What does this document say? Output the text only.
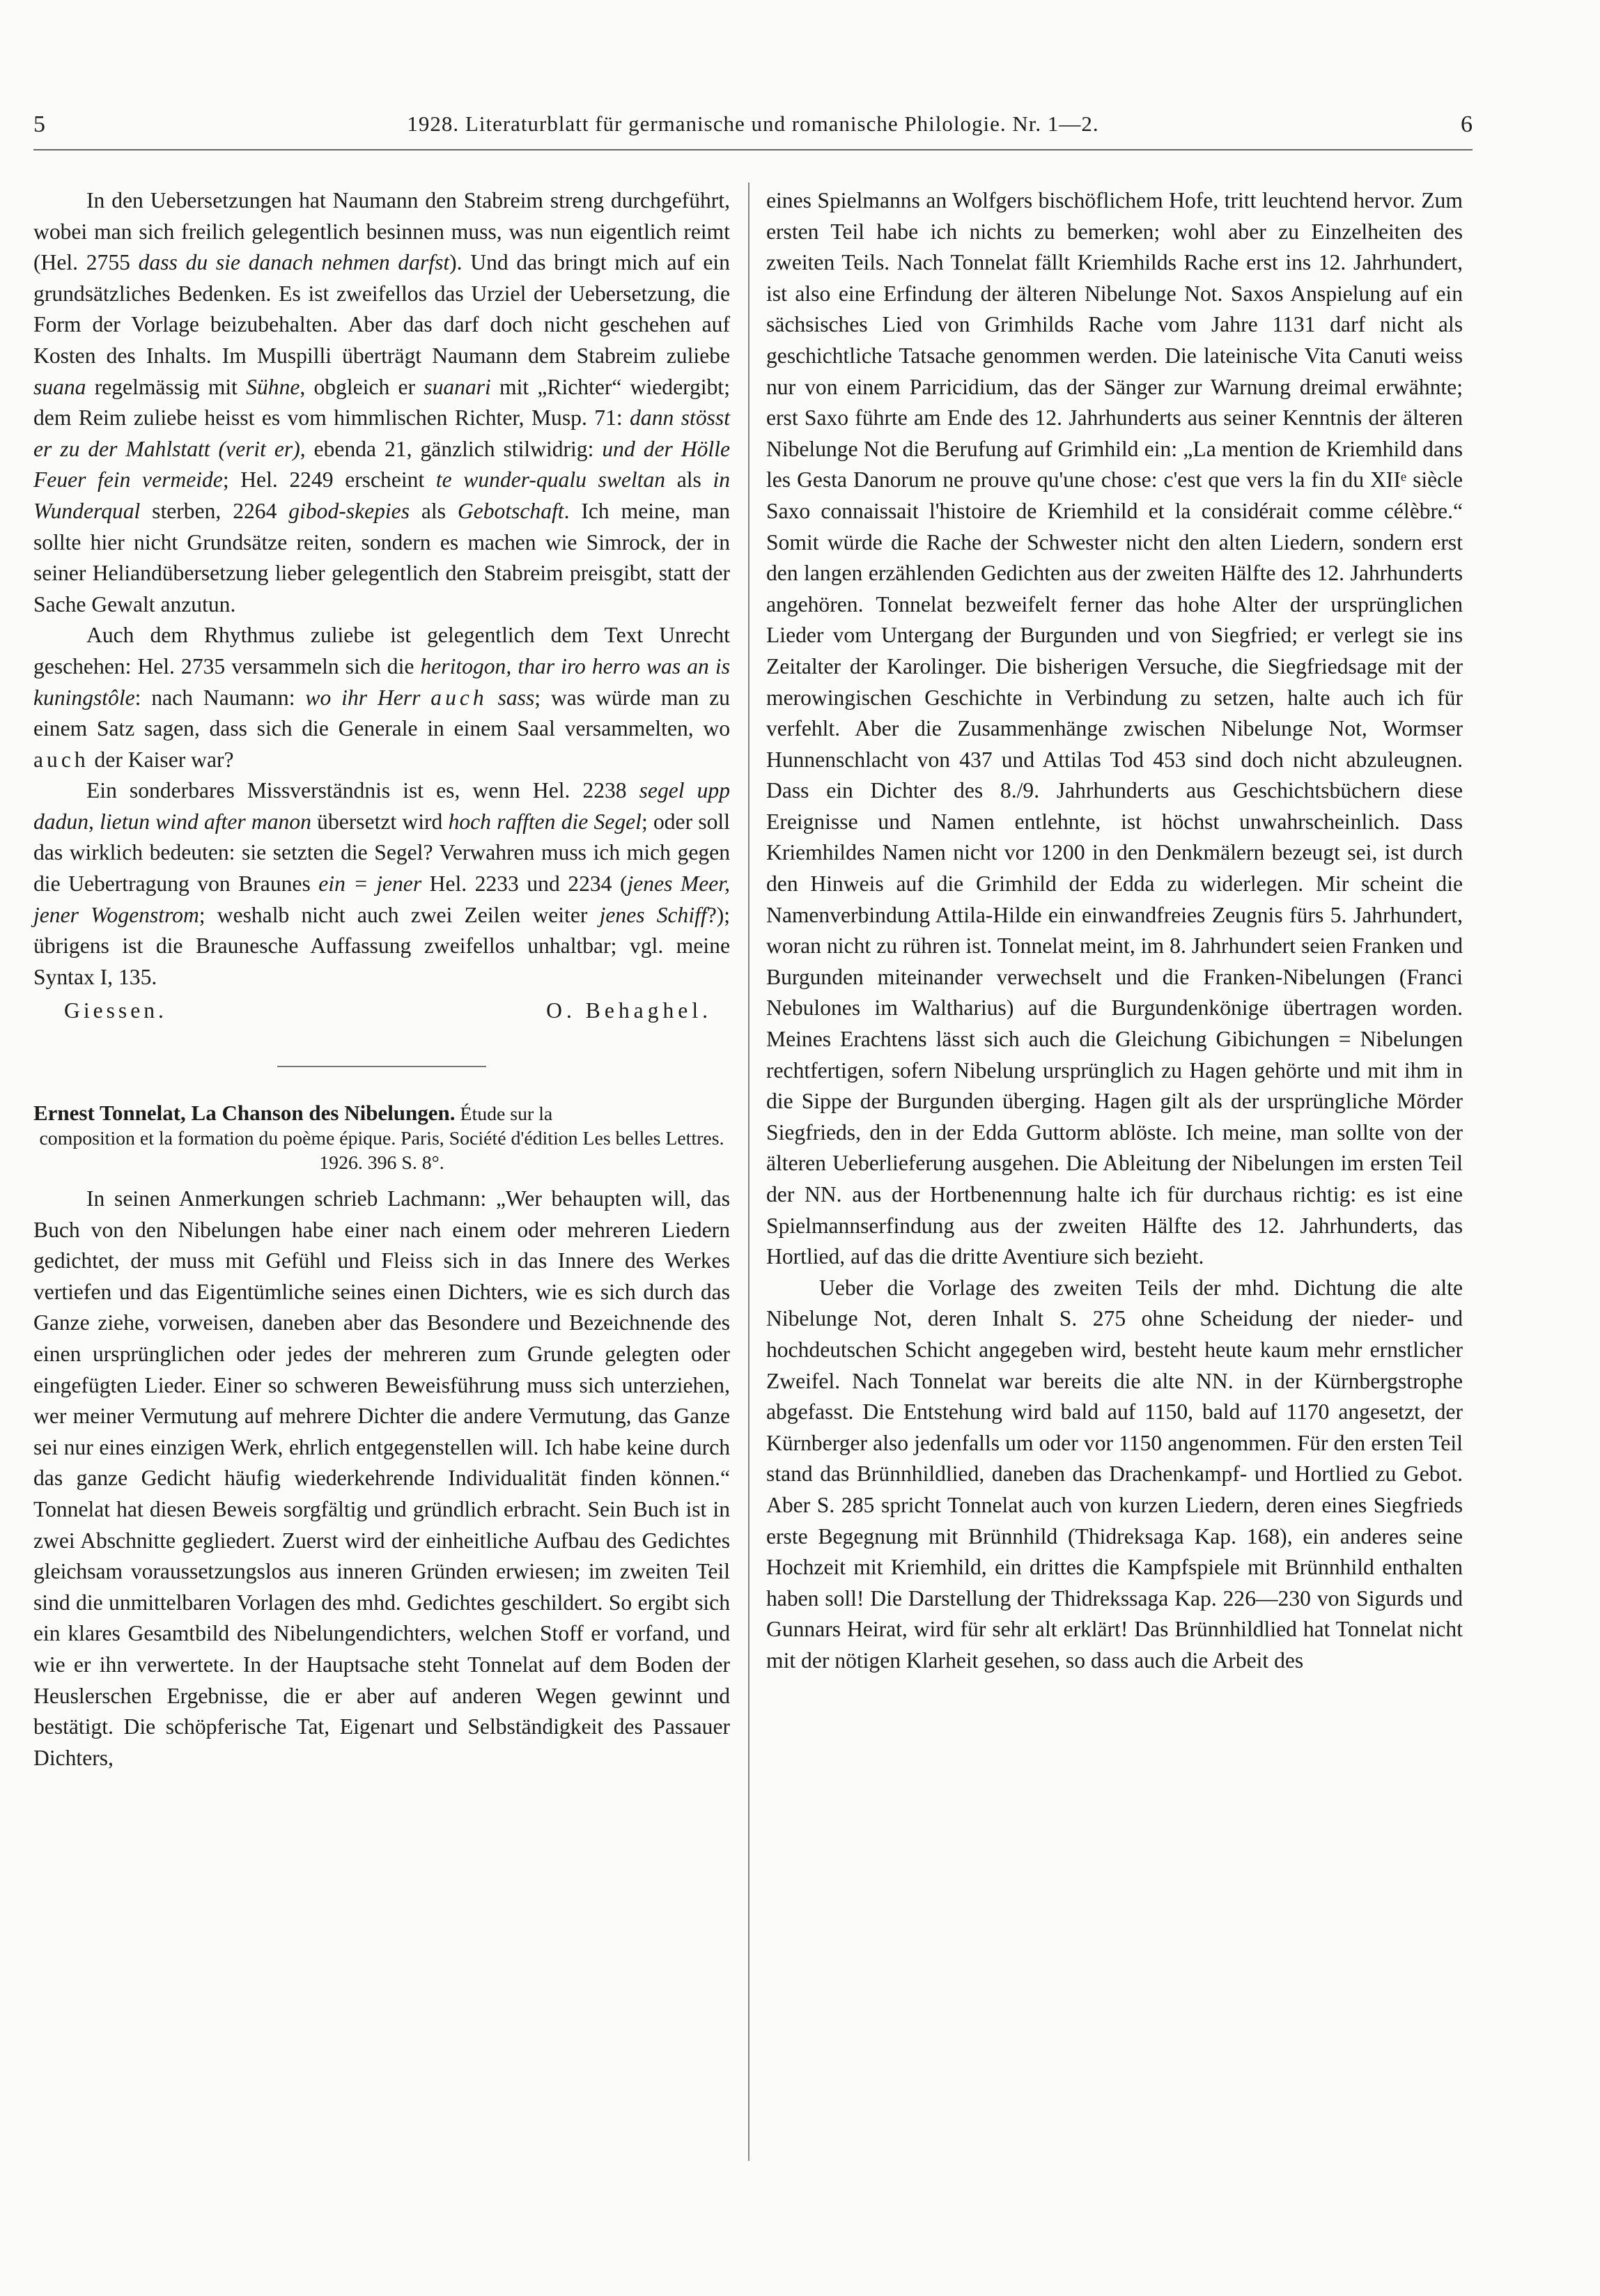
5	1928. Literaturblatt für germanische und romanische Philologie. Nr. 1—2.	6

In den Uebersetzungen hat Naumann den Stabreim streng durchgeführt, wobei man sich freilich gelegentlich besinnen muss, was nun eigentlich reimt (Hel. 2755 dass du sie danach nehmen darfst). Und das bringt mich auf ein grundsätzliches Bedenken. Es ist zweifellos das Urziel der Uebersetzung, die Form der Vorlage beizubehalten. Aber das darf doch nicht geschehen auf Kosten des Inhalts. Im Muspilli überträgt Naumann dem Stabreim zuliebe suana regelmässig mit Sühne, obgleich er suanari mit „Richter“ wiedergibt; dem Reim zuliebe heisst es vom himmlischen Richter, Musp. 71: dann stösst er zu der Mahlstatt (verit er), ebenda 21, gänzlich stilwidrig: und der Hölle Feuer fein vermeide; Hel. 2249 erscheint te wunder-qualu sweltan als in Wunderqual sterben, 2264 gibod-skepies als Gebotschaft. Ich meine, man sollte hier nicht Grundsätze reiten, sondern es machen wie Simrock, der in seiner Heliandübersetzung lieber gelegentlich den Stabreim preisgibt, statt der Sache Gewalt anzutun.

Auch dem Rhythmus zuliebe ist gelegentlich dem Text Unrecht geschehen: Hel. 2735 versammeln sich die heritogon, thar iro herro was an is kuningstôle: nach Naumann: wo ihr Herr auch sass; was würde man zu einem Satz sagen, dass sich die Generale in einem Saal versammelten, wo auch der Kaiser war?

Ein sonderbares Missverständnis ist es, wenn Hel. 2238 segel upp dadun, lietun wind after manon übersetzt wird hoch rafften die Segel; oder soll das wirklich bedeuten: sie setzten die Segel? Verwahren muss ich mich gegen die Uebertragung von Braunes ein = jener Hel. 2233 und 2234 (jenes Meer, jener Wogenstrom; weshalb nicht auch zwei Zeilen weiter jenes Schiff?); übrigens ist die Braunesche Auffassung zweifellos unhaltbar; vgl. meine Syntax I, 135.

Giessen.	O. Behaghel.
Ernest Tonnelat, La Chanson des Nibelungen. Étude sur la
composition et la formation du poème épique. Paris, Société d'édition Les belles Lettres. 1926. 396 S. 8°.

In seinen Anmerkungen schrieb Lachmann: „Wer behaupten will, das Buch von den Nibelungen habe einer nach einem oder mehreren Liedern gedichtet, der muss mit Gefühl und Fleiss sich in das Innere des Werkes vertiefen und das Eigentümliche seines einen Dichters, wie es sich durch das Ganze ziehe, vorweisen, daneben aber das Besondere und Bezeichnende des einen ursprünglichen oder jedes der mehreren zum Grunde gelegten oder eingefügten Lieder. Einer so schweren Beweisführung muss sich unterziehen, wer meiner Vermutung auf mehrere Dichter die andere Vermutung, das Ganze sei nur eines einzigen Werk, ehrlich entgegenstellen will. Ich habe keine durch das ganze Gedicht häufig wiederkehrende Individualität finden können.“ Tonnelat hat diesen Beweis sorgfältig und gründlich erbracht. Sein Buch ist in zwei Abschnitte gegliedert. Zuerst wird der einheitliche Aufbau des Gedichtes gleichsam voraussetzungslos aus inneren Gründen erwiesen; im zweiten Teil sind die unmittelbaren Vorlagen des mhd. Gedichtes geschildert. So ergibt sich ein klares Gesamtbild des Nibelungendichters, welchen Stoff er vorfand, und wie er ihn verwertete. In der Hauptsache steht Tonnelat auf dem Boden der Heuslerschen Ergebnisse, die er aber auf anderen Wegen gewinnt und bestätigt. Die schöpferische Tat, Eigenart und Selbständigkeit des Passauer Dichters,

eines Spielmanns an Wolfgers bischöflichem Hofe, tritt leuchtend hervor. Zum ersten Teil habe ich nichts zu bemerken; wohl aber zu Einzelheiten des zweiten Teils. Nach Tonnelat fällt Kriemhilds Rache erst ins 12. Jahrhundert, ist also eine Erfindung der älteren Nibelunge Not. Saxos Anspielung auf ein sächsisches Lied von Grimhilds Rache vom Jahre 1131 darf nicht als geschichtliche Tatsache genommen werden. Die lateinische Vita Canuti weiss nur von einem Parricidium, das der Sänger zur Warnung dreimal erwähnte; erst Saxo führte am Ende des 12. Jahrhunderts aus seiner Kenntnis der älteren Nibelunge Not die Berufung auf Grimhild ein: „La mention de Kriemhild dans les Gesta Danorum ne prouve qu'une chose: c'est que vers la fin du XIIᵉ siècle Saxo connaissait l'histoire de Kriemhild et la considérait comme célèbre.“ Somit würde die Rache der Schwester nicht den alten Liedern, sondern erst den langen erzählenden Gedichten aus der zweiten Hälfte des 12. Jahrhunderts angehören. Tonnelat bezweifelt ferner das hohe Alter der ursprünglichen Lieder vom Untergang der Burgunden und von Siegfried; er verlegt sie ins Zeitalter der Karolinger. Die bisherigen Versuche, die Siegfriedsage mit der merowingischen Geschichte in Verbindung zu setzen, halte auch ich für verfehlt. Aber die Zusammenhänge zwischen Nibelunge Not, Wormser Hunnenschlacht von 437 und Attilas Tod 453 sind doch nicht abzuleugnen. Dass ein Dichter des 8./9. Jahrhunderts aus Geschichtsbüchern diese Ereignisse und Namen entlehnte, ist höchst unwahrscheinlich. Dass Kriemhildes Namen nicht vor 1200 in den Denkmälern bezeugt sei, ist durch den Hinweis auf die Grimhild der Edda zu widerlegen. Mir scheint die Namenverbindung Attila-Hilde ein einwandfreies Zeugnis fürs 5. Jahrhundert, woran nicht zu rühren ist. Tonnelat meint, im 8. Jahrhundert seien Franken und Burgunden miteinander verwechselt und die Franken-Nibelungen (Franci Nebulones im Waltharius) auf die Burgundenkönige übertragen worden. Meines Erachtens lässt sich auch die Gleichung Gibichungen = Nibelungen rechtfertigen, sofern Nibelung ursprünglich zu Hagen gehörte und mit ihm in die Sippe der Burgunden überging. Hagen gilt als der ursprüngliche Mörder Siegfrieds, den in der Edda Guttorm ablöste. Ich meine, man sollte von der älteren Ueberlieferung ausgehen. Die Ableitung der Nibelungen im ersten Teil der NN. aus der Hortbenennung halte ich für durchaus richtig: es ist eine Spielmannserfindung aus der zweiten Hälfte des 12. Jahrhunderts, das Hortlied, auf das die dritte Aventiure sich bezieht.

Ueber die Vorlage des zweiten Teils der mhd. Dichtung die alte Nibelunge Not, deren Inhalt S. 275 ohne Scheidung der nieder- und hochdeutschen Schicht angegeben wird, besteht heute kaum mehr ernstlicher Zweifel. Nach Tonnelat war bereits die alte NN. in der Kürnbergstrophe abgefasst. Die Entstehung wird bald auf 1150, bald auf 1170 angesetzt, der Kürnberger also jedenfalls um oder vor 1150 angenommen. Für den ersten Teil stand das Brünnhildlied, daneben das Drachenkampf- und Hortlied zu Gebot. Aber S. 285 spricht Tonnelat auch von kurzen Liedern, deren eines Siegfrieds erste Begegnung mit Brünnhild (Thidreksaga Kap. 168), ein anderes seine Hochzeit mit Kriemhild, ein drittes die Kampfspiele mit Brünnhild enthalten haben soll! Die Darstellung der Thidrekssaga Kap. 226—230 von Sigurds und Gunnars Heirat, wird für sehr alt erklärt! Das Brünnhildlied hat Tonnelat nicht mit der nötigen Klarheit gesehen, so dass auch die Arbeit des
